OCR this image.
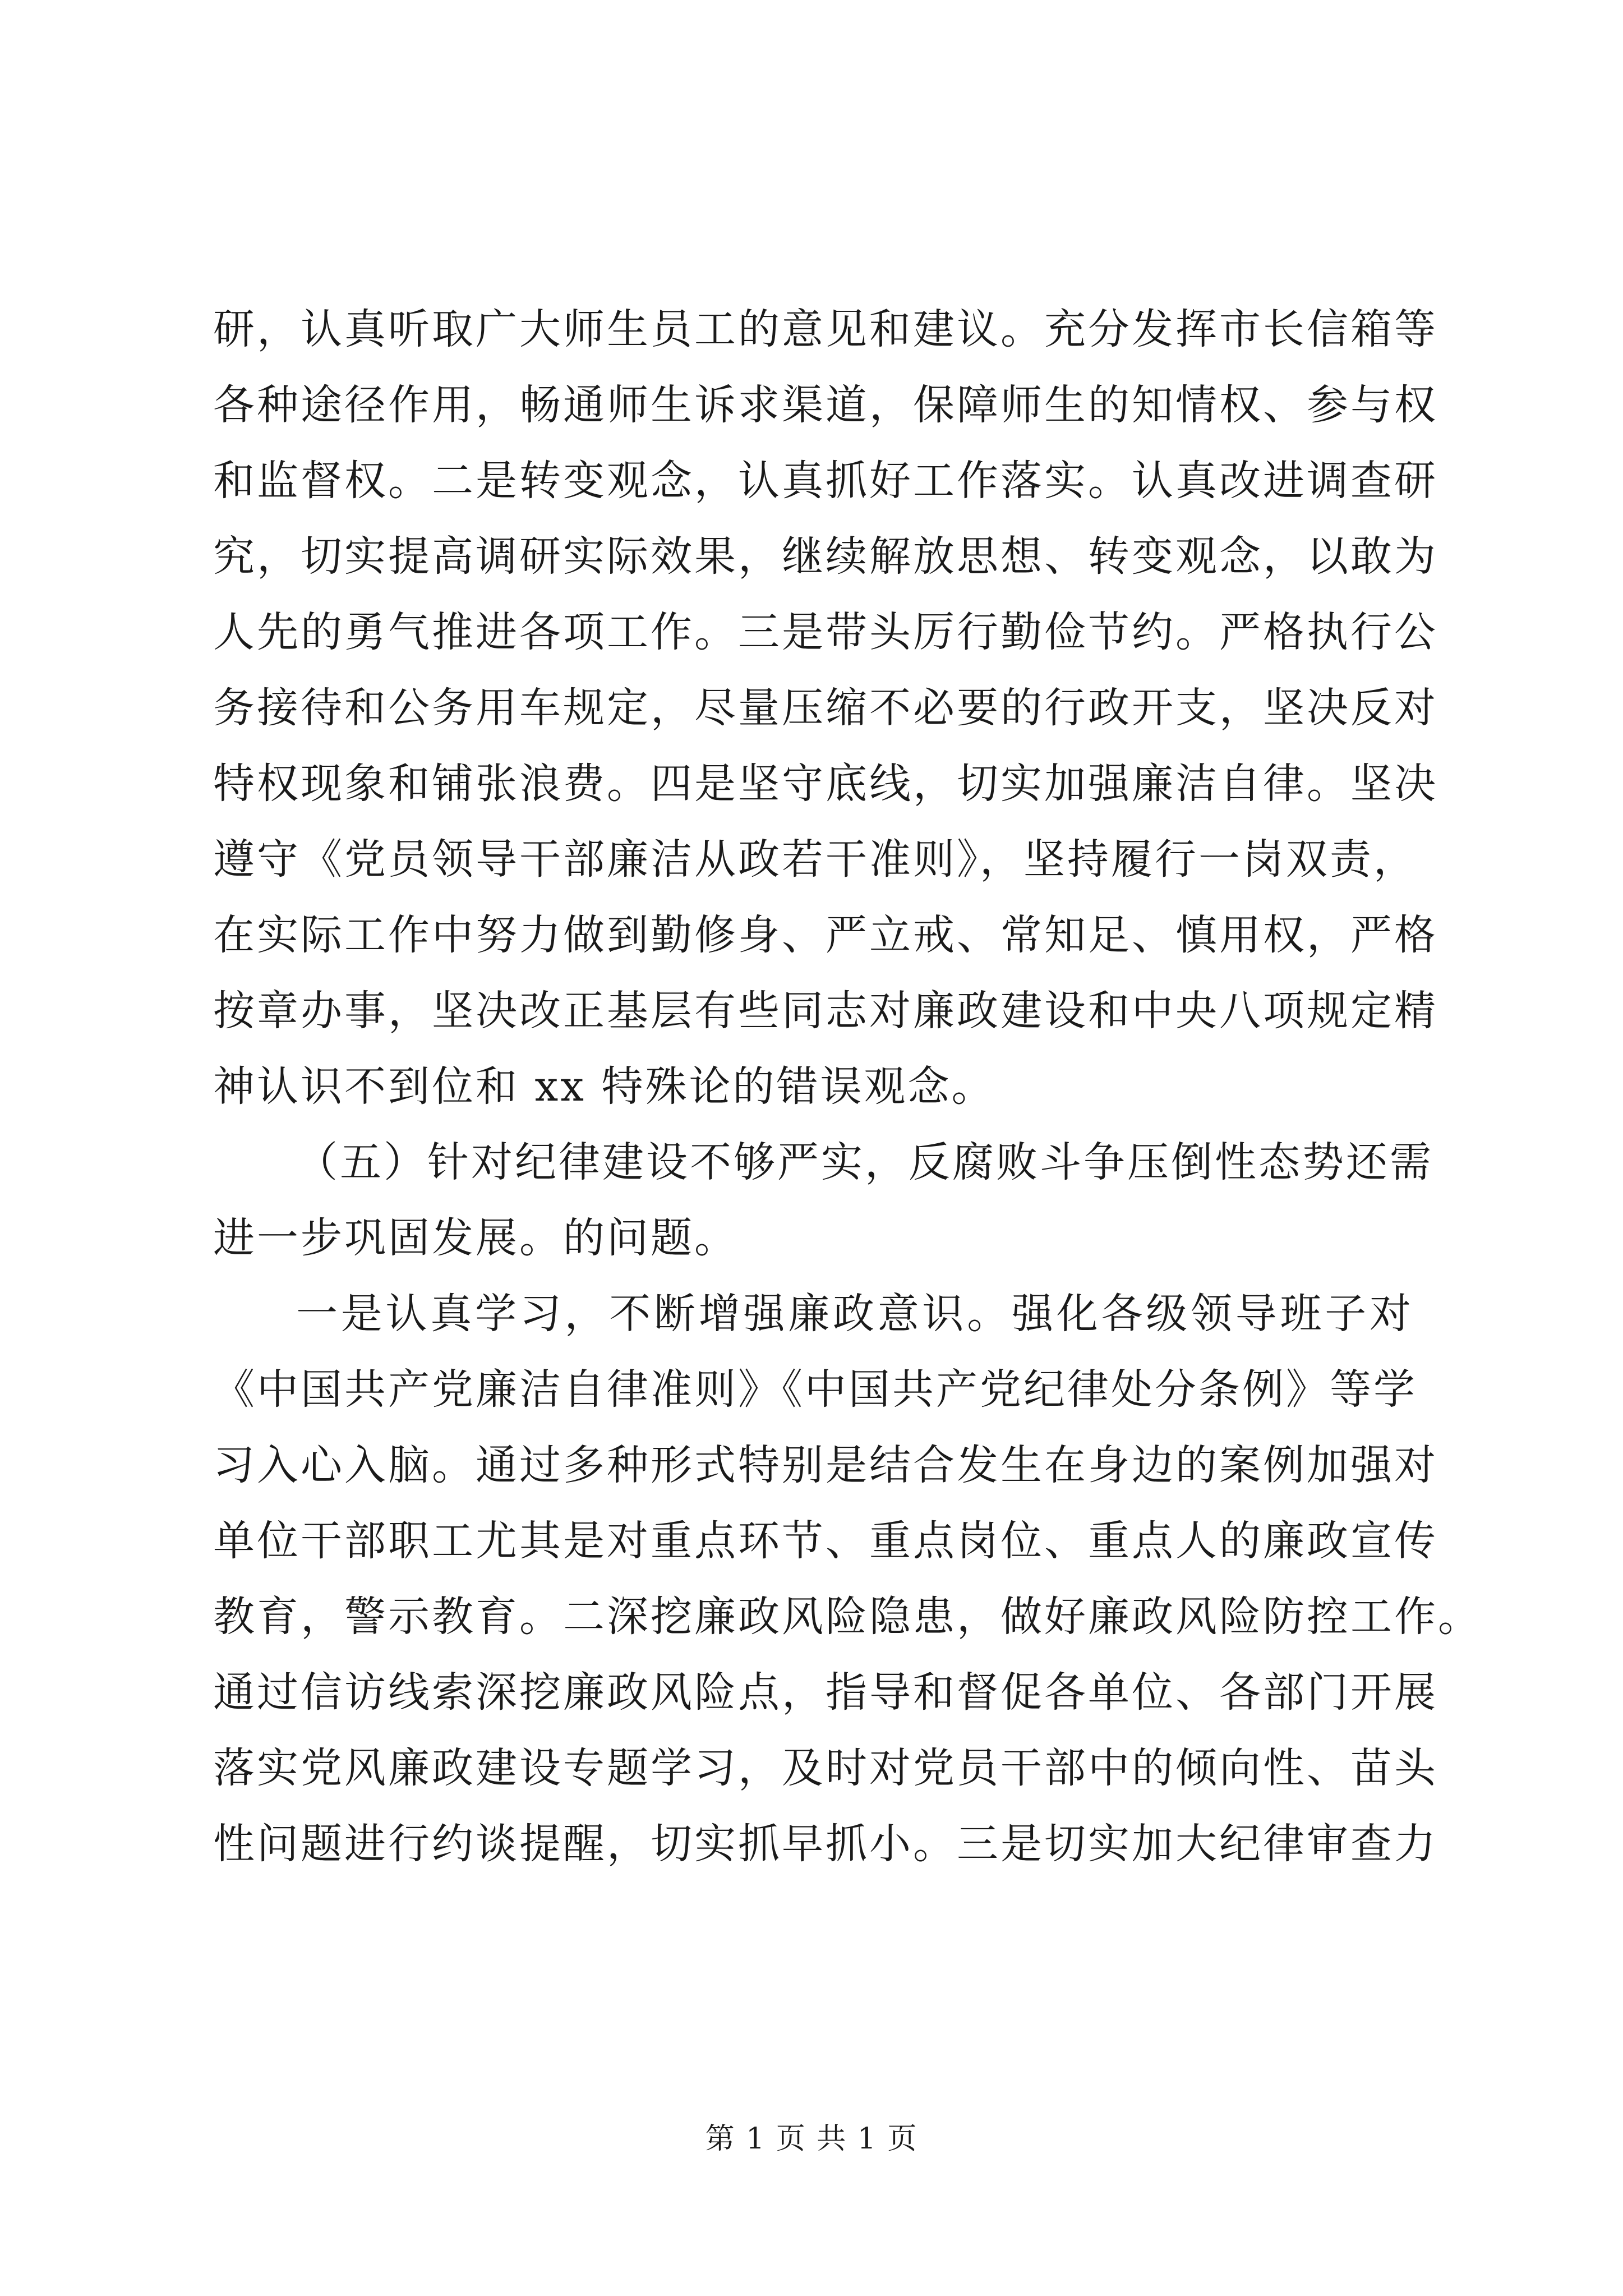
研，认真听取广大师生员工的意见和建议。充分发挥市长信箱等
各种途径作用，畅通师生诉求渠道，保障师生的知情权、参与权
和监督权。二是转变观念，认真抓好工作落实。认真改进调查研
究，切实提高调研实际效果，继续解放思想、转变观念，以敢为
人先的勇气推进各项工作。三是带头厉行勤俭节约。严格执行公
务接待和公务用车规定，尽量压缩不必要的行政开支，坚决反对
特权现象和铺张浪费。四是坚守底线，切实加强廉洁自律。坚决
遵守《党员领导干部廉洁从政若干准则》，坚持履行一岗双责，
在实际工作中努力做到勤修身、严立戒、常知足、慎用权，严格
按章办事，坚决改正基层有些同志对廉政建设和中央八项规定精
神认识不到位和 xx 特殊论的错误观念。
（五）针对纪律建设不够严实，反腐败斗争压倒性态势还需
进一步巩固发展。的问题。
一是认真学习，不断增强廉政意识。强化各级领导班子对
《中国共产党廉洁自律准则》《中国共产党纪律处分条例》等学
习入心入脑。通过多种形式特别是结合发生在身边的案例加强对
单位干部职工尤其是对重点环节、重点岗位、重点人的廉政宣传
教育，警示教育。二深挖廉政风险隐患，做好廉政风险防控工作。
通过信访线索深挖廉政风险点，指导和督促各单位、各部门开展
落实党风廉政建设专题学习，及时对党员干部中的倾向性、苗头
性问题进行约谈提醒，切实抓早抓小。三是切实加大纪律审查力
第 1 页 共 1 页
